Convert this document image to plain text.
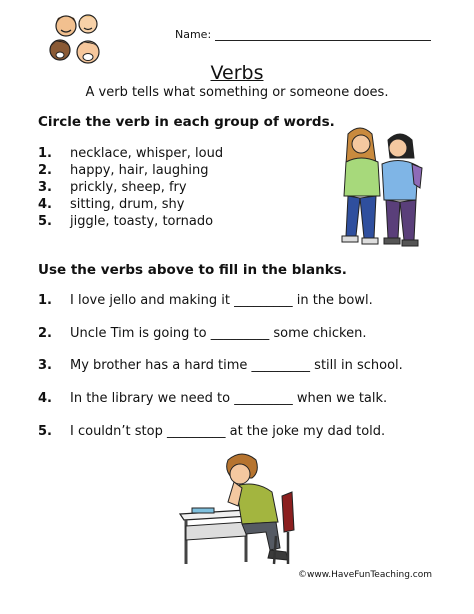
Name:
Verbs
A verb tells what something or someone does.
Circle the verb in each group of words.
1.	necklace, whisper, loud
2.	happy, hair, laughing
3.	prickly, sheep, fry
4.	sitting, drum, shy
5.	jiggle, toasty, tornado
Use the verbs above to fill in the blanks.
1.	I love jello and making it _________ in the bowl.
2.	Uncle Tim is going to _________ some chicken.
3.	My brother has a hard time _________ still in school.
4.	In the library we need to _________ when we talk.
5.	I couldn’t stop _________ at the joke my dad told.
©www.HaveFunTeaching.com
